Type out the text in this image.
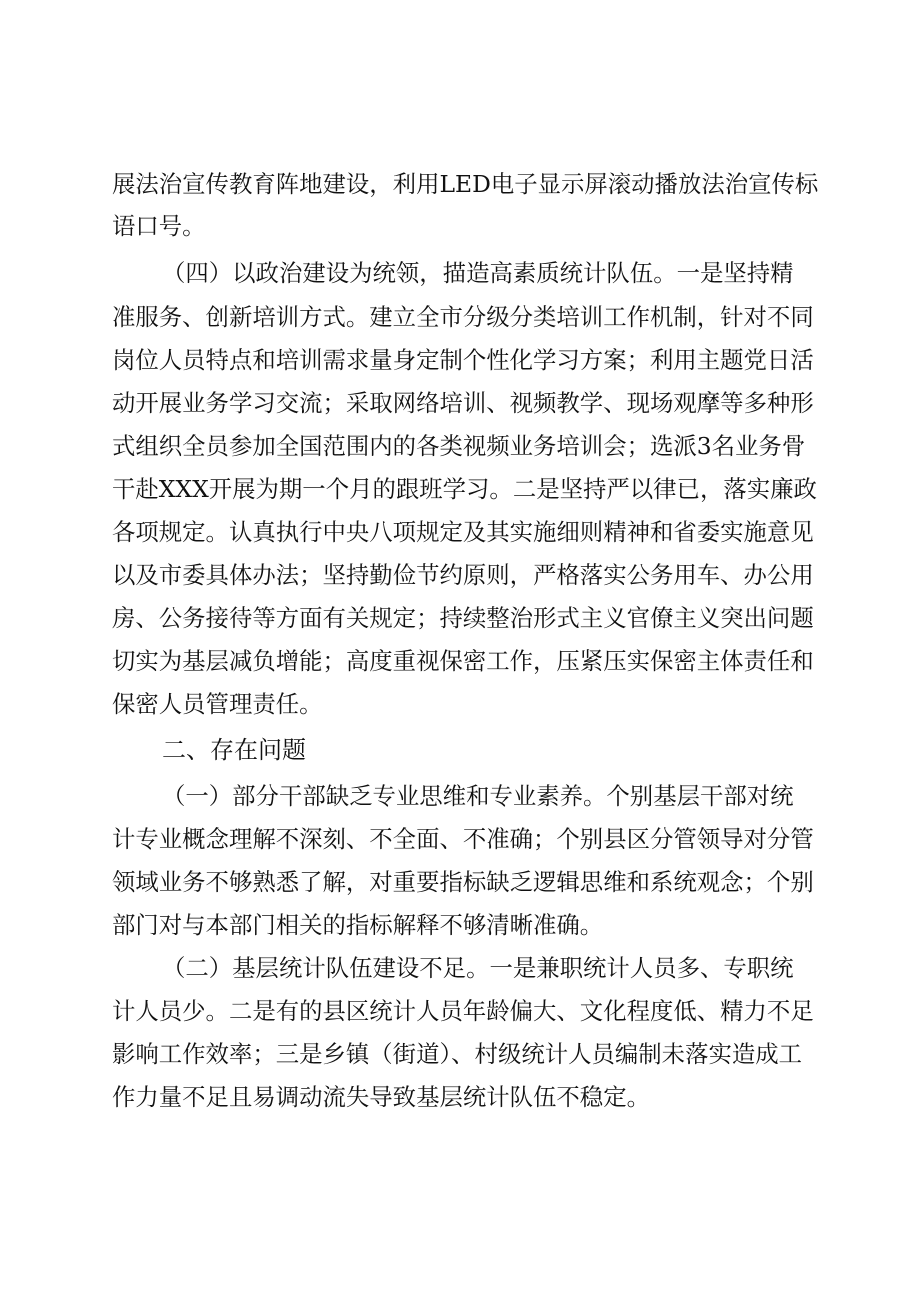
展法治宣传教育阵地建设，利用LED电子显示屏滚动播放法治宣传标
语口号。
（四）以政治建设为统领，描造高素质统计队伍。一是坚持精
准服务、创新培训方式。建立全市分级分类培训工作机制，针对不同
岗位人员特点和培训需求量身定制个性化学习方案；利用主题党日活
动开展业务学习交流；采取网络培训、视频教学、现场观摩等多种形
式组织全员参加全国范围内的各类视频业务培训会；选派3名业务骨
干赴XXX开展为期一个月的跟班学习。二是坚持严以律已，落实廉政
各项规定。认真执行中央八项规定及其实施细则精神和省委实施意见
以及市委具体办法；坚持勤俭节约原则，严格落实公务用车、办公用
房、公务接待等方面有关规定；持续整治形式主义官僚主义突出问题
切实为基层减负增能；高度重视保密工作，压紧压实保密主体责任和
保密人员管理责任。
二、存在问题
（一）部分干部缺乏专业思维和专业素养。个别基层干部对统
计专业概念理解不深刻、不全面、不准确；个别县区分管领导对分管
领域业务不够熟悉了解，对重要指标缺乏逻辑思维和系统观念；个别
部门对与本部门相关的指标解释不够清晰准确。
（二）基层统计队伍建设不足。一是兼职统计人员多、专职统
计人员少。二是有的县区统计人员年龄偏大、文化程度低、精力不足
影响工作效率；三是乡镇（街道）、村级统计人员编制未落实造成工
作力量不足且易调动流失导致基层统计队伍不稳定。
